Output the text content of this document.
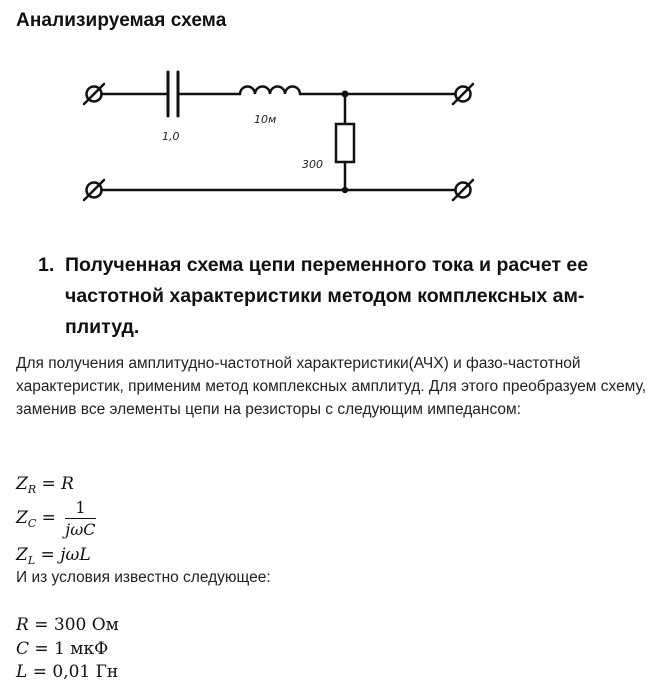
Анализируемая схема
1,0
10м
300
1. Полученная схема цепи переменного тока и расчет ее частотной характеристики методом комплексных ам-плитуд.
Для получения амплитудно-частотной характеристики(АЧХ) и фазо-частотной характеристик, применим метод комплексных амплитуд. Для этого преобразуем схему, заменив все элементы цепи на резисторы с следующим импедансом:
$Z_R = R$
$Z_C = \frac{1}{\text{jωC}}$
$Z_L = j\omega L$
И из условия известно следующее:
R = 300 Ом
C = 1 мкФ
L = 0,01 Гн
